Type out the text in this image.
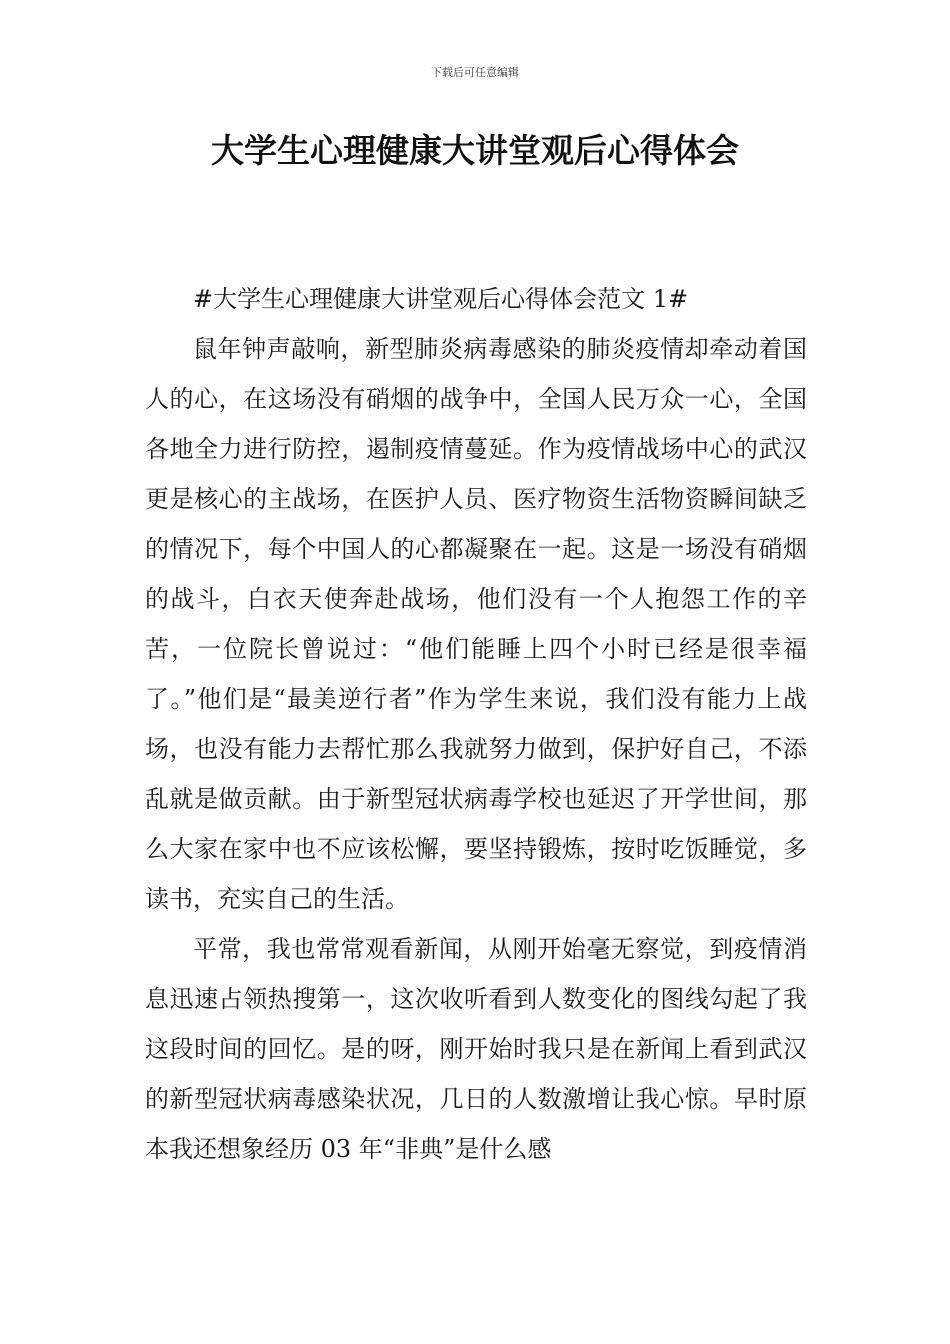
下载后可任意编辑
大学生心理健康大讲堂观后心得体会

#大学生心理健康大讲堂观后心得体会范文 1#

鼠年钟声敲响，新型肺炎病毒感染的肺炎疫情却牵动着国人的心，在这场没有硝烟的战争中，全国人民万众一心，全国各地全力进行防控，遏制疫情蔓延。作为疫情战场中心的武汉更是核心的主战场，在医护人员、医疗物资生活物资瞬间缺乏的情况下，每个中国人的心都凝聚在一起。这是一场没有硝烟的战斗，白衣天使奔赴战场，他们没有一个人抱怨工作的辛苦，一位院长曾说过：“他们能睡上四个小时已经是很幸福了。”他们是“最美逆行者”作为学生来说，我们没有能力上战场，也没有能力去帮忙那么我就努力做到，保护好自己，不添乱就是做贡献。由于新型冠状病毒学校也延迟了开学世间，那么大家在家中也不应该松懈，要坚持锻炼，按时吃饭睡觉，多读书，充实自己的生活。

平常，我也常常观看新闻，从刚开始毫无察觉，到疫情消息迅速占领热搜第一，这次收听看到人数变化的图线勾起了我这段时间的回忆。是的呀，刚开始时我只是在新闻上看到武汉的新型冠状病毒感染状况，几日的人数激增让我心惊。早时原本我还想象经历 03 年“非典”是什么感
